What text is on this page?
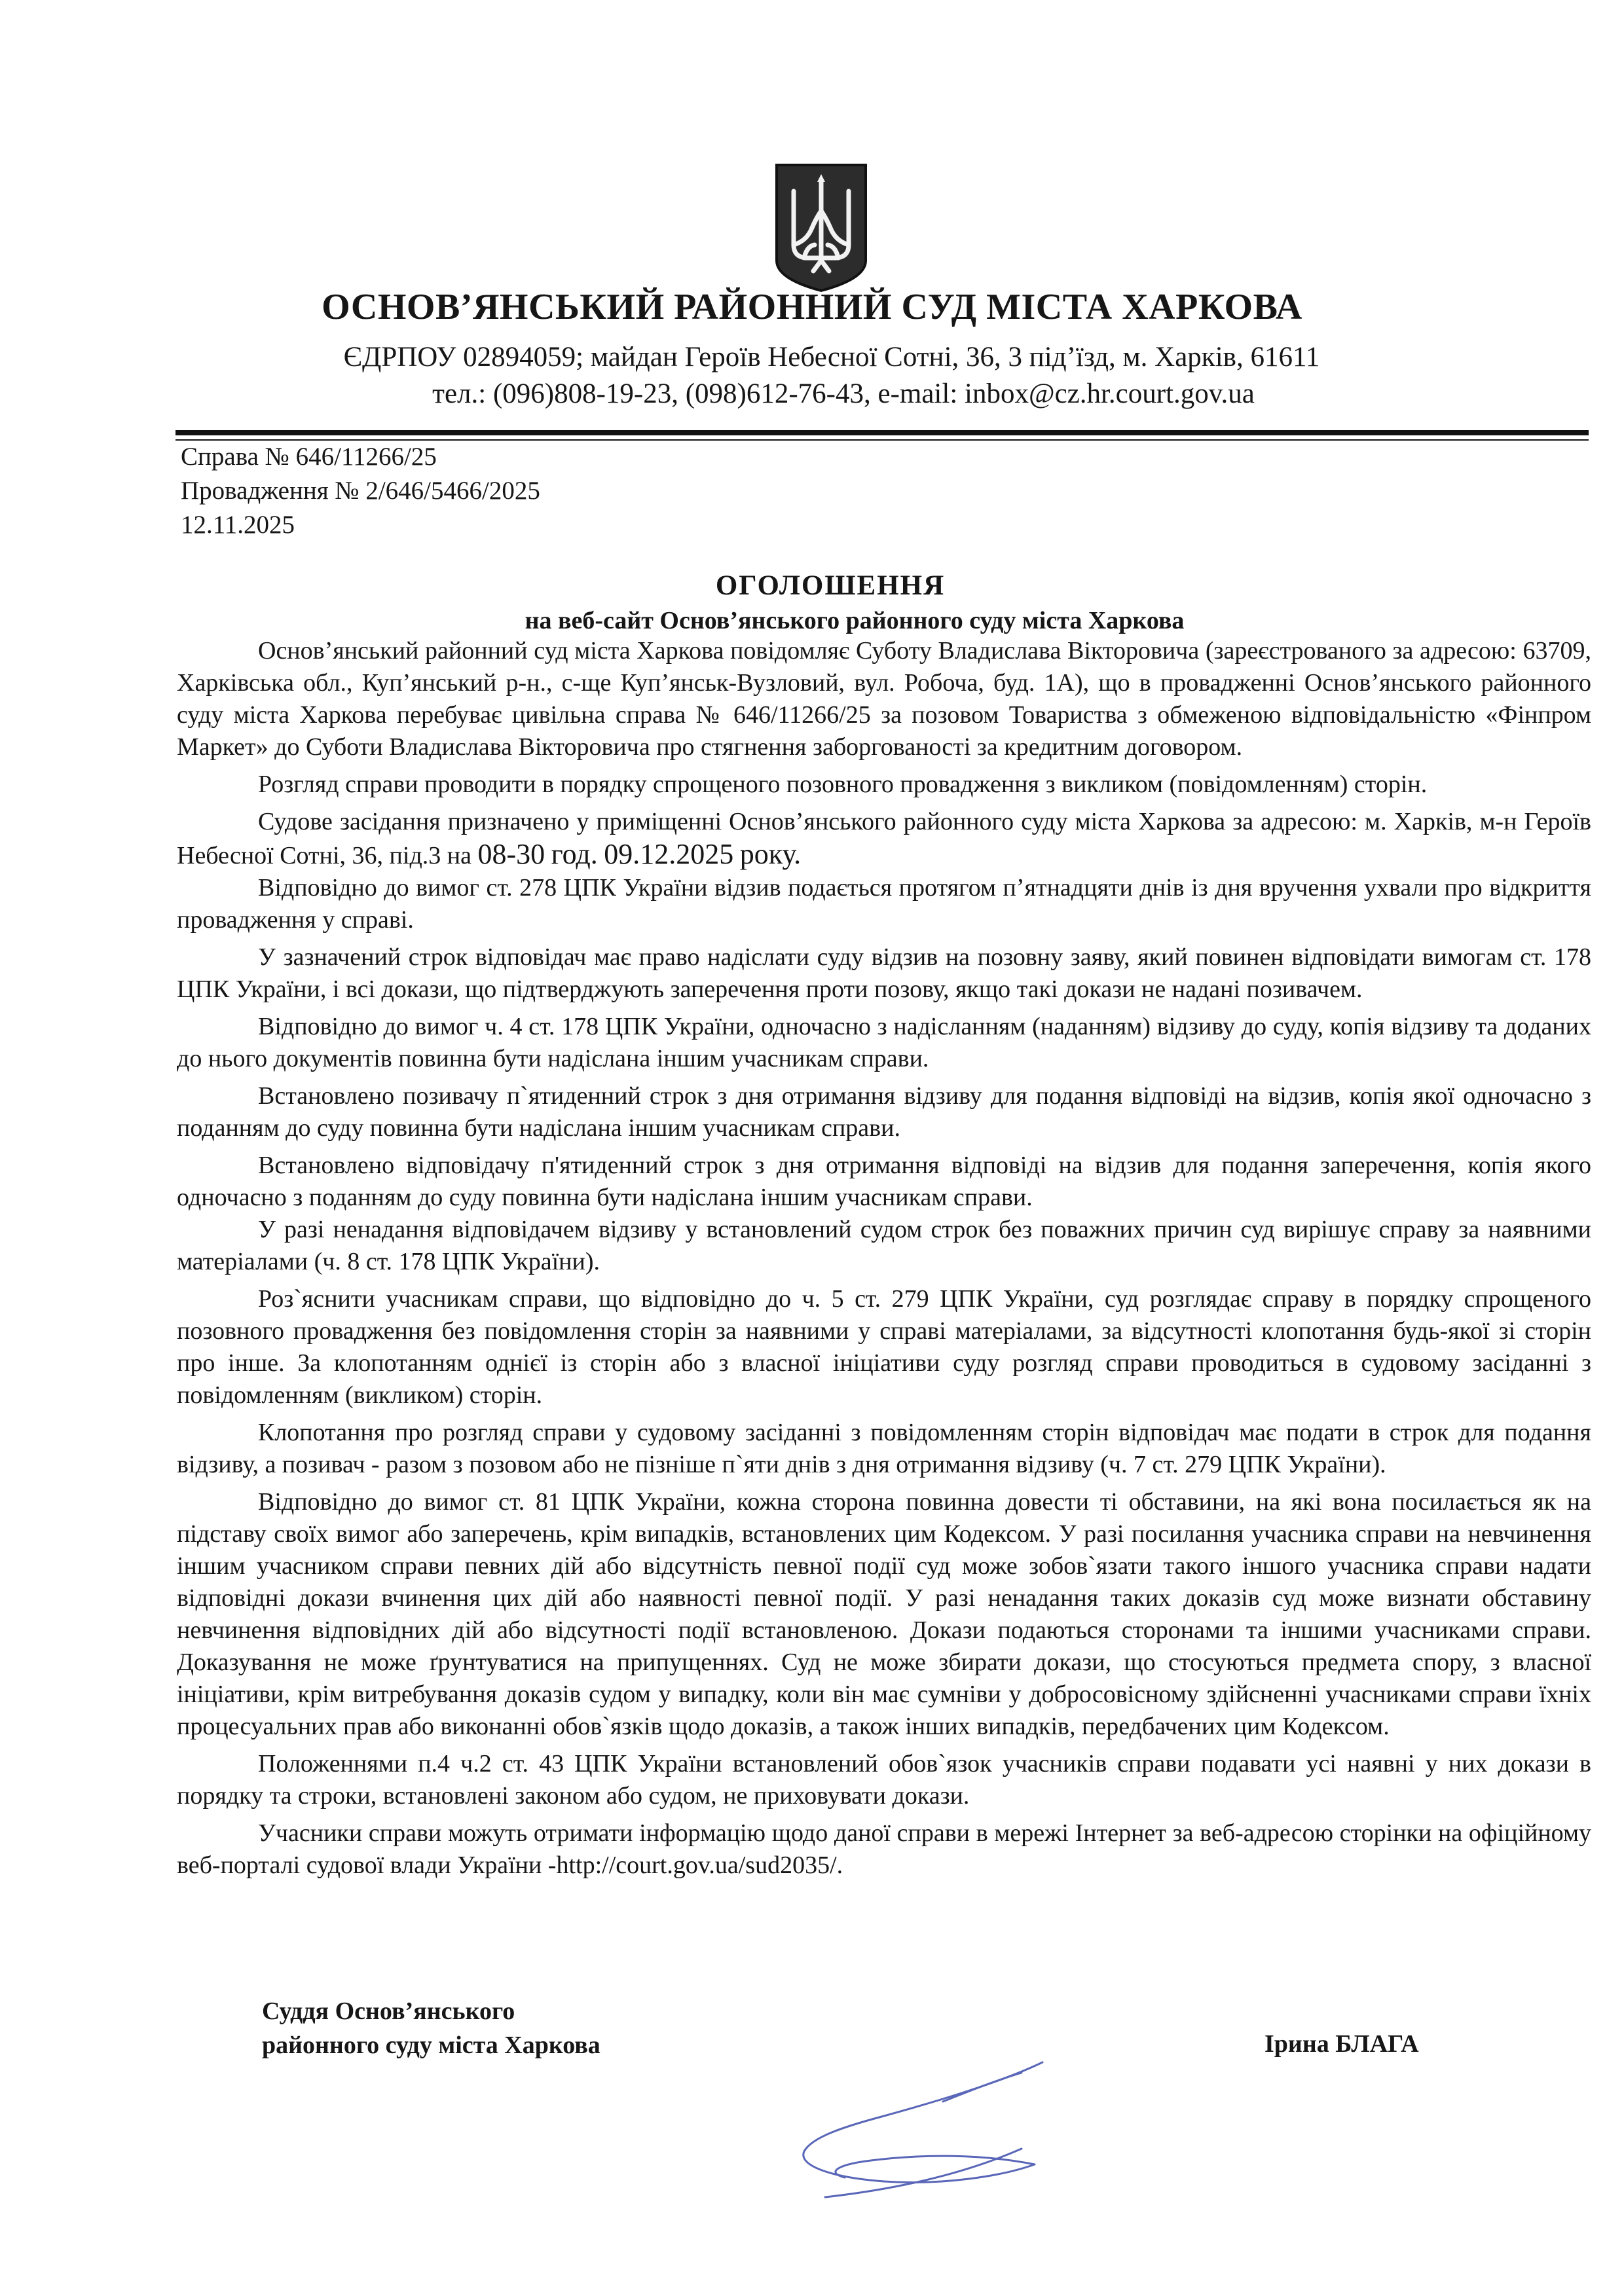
ОСНОВ’ЯНСЬКИЙ РАЙОННИЙ СУД МІСТА ХАРКОВА
ЄДРПОУ 02894059; майдан Героїв Небесної Сотні, 36, 3 під’їзд, м. Харків, 61611
тел.: (096)808-19-23, (098)612-76-43, e-mail: inbox@cz.hr.court.gov.ua
Справа № 646/11266/25
Провадження № 2/646/5466/2025
12.11.2025
ОГОЛОШЕННЯ
на веб-сайт Основ’янського районного суду міста Харкова

Основ’янський районний суд міста Харкова повідомляє Суботу Владислава Вікторовича (зареєстрованого за адресою: 63709, Харківська обл., Куп’янський р-н., с-ще Куп’янськ-Вузловий, вул. Робоча, буд. 1А), що в провадженні Основ’янського районного суду міста Харкова перебуває цивільна справа № 646/11266/25 за позовом Товариства з обмеженою відповідальністю «Фінпром Маркет» до Суботи Владислава Вікторовича про стягнення заборгованості за кредитним договором.

Розгляд справи проводити в порядку спрощеного позовного провадження з викликом (повідомленням) сторін.

Судове засідання призначено у приміщенні Основ’янського районного суду міста Харкова за адресою: м. Харків, м-н Героїв Небесної Сотні, 36, під.3 на 08-30 год. 09.12.2025 року.

Відповідно до вимог ст. 278 ЦПК України відзив подається протягом п’ятнадцяти днів із дня вручення ухвали про відкриття провадження у справі.

У зазначений строк відповідач має право надіслати суду відзив на позовну заяву, який повинен відповідати вимогам ст. 178 ЦПК України, і всі докази, що підтверджують заперечення проти позову, якщо такі докази не надані позивачем.

Відповідно до вимог ч. 4 ст. 178 ЦПК України, одночасно з надісланням (наданням) відзиву до суду, копія відзиву та доданих до нього документів повинна бути надіслана іншим учасникам справи.

Встановлено позивачу п`ятиденний строк з дня отримання відзиву для подання відповіді на відзив, копія якої одночасно з поданням до суду повинна бути надіслана іншим учасникам справи.

Встановлено відповідачу п'ятиденний строк з дня отримання відповіді на відзив для подання заперечення, копія якого одночасно з поданням до суду повинна бути надіслана іншим учасникам справи.

У разі ненадання відповідачем відзиву у встановлений судом строк без поважних причин суд вирішує справу за наявними матеріалами (ч. 8 ст. 178 ЦПК України).

Роз`яснити учасникам справи, що відповідно до ч. 5 ст. 279 ЦПК України, суд розглядає справу в порядку спрощеного позовного провадження без повідомлення сторін за наявними у справі матеріалами, за відсутності клопотання будь-якої зі сторін про інше. За клопотанням однієї із сторін або з власної ініціативи суду розгляд справи проводиться в судовому засіданні з повідомленням (викликом) сторін.

Клопотання про розгляд справи у судовому засіданні з повідомленням сторін відповідач має подати в строк для подання відзиву, а позивач - разом з позовом або не пізніше п`яти днів з дня отримання відзиву (ч. 7 ст. 279 ЦПК України).

Відповідно до вимог ст. 81 ЦПК України, кожна сторона повинна довести ті обставини, на які вона посилається як на підставу своїх вимог або заперечень, крім випадків, встановлених цим Кодексом. У разі посилання учасника справи на невчинення іншим учасником справи певних дій або відсутність певної події суд може зобов`язати такого іншого учасника справи надати відповідні докази вчинення цих дій або наявності певної події. У разі ненадання таких доказів суд може визнати обставину невчинення відповідних дій або відсутності події встановленою. Докази подаються сторонами та іншими учасниками справи. Доказування не може ґрунтуватися на припущеннях. Суд не може збирати докази, що стосуються предмета спору, з власної ініціативи, крім витребування доказів судом у випадку, коли він має сумніви у добросовісному здійсненні учасниками справи їхніх процесуальних прав або виконанні обов`язків щодо доказів, а також інших випадків, передбачених цим Кодексом.

Положеннями п.4 ч.2 ст. 43 ЦПК України встановлений обов`язок учасників справи подавати усі наявні у них докази в порядку та строки, встановлені законом або судом, не приховувати докази.

Учасники справи можуть отримати інформацію щодо даної справи в мережі Інтернет за веб-адресою сторінки на офіційному веб-порталі судової влади України -http://court.gov.ua/sud2035/.

Суддя Основ’янського
районного суду міста Харкова	Ірина БЛАГА
